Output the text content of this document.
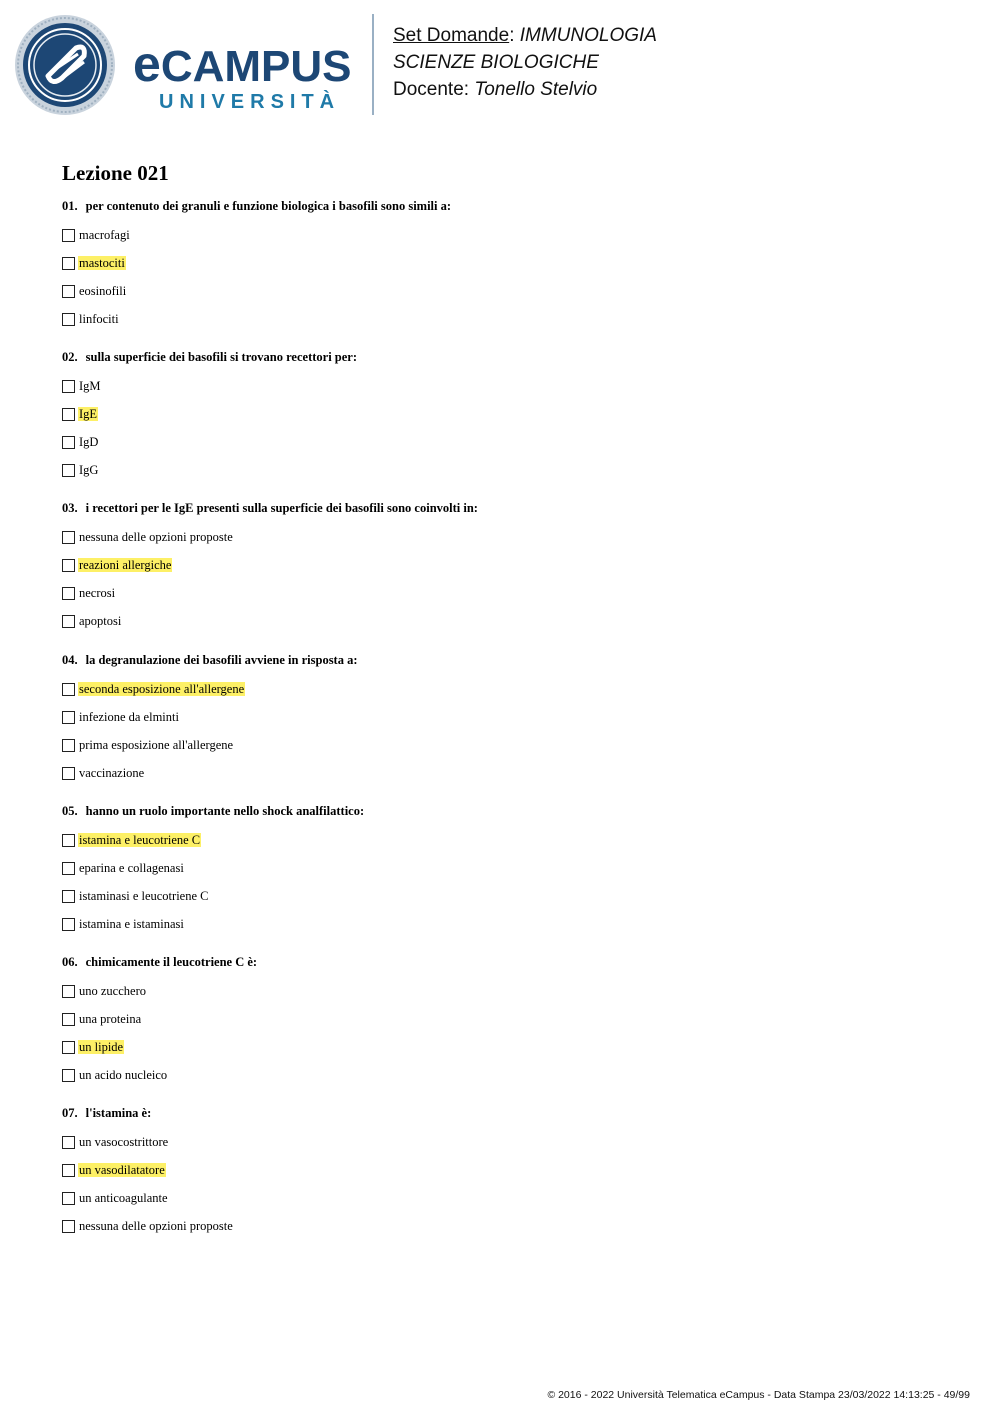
eCAMPUS
UNIVERSITÀ
Set Domande: IMMUNOLOGIA
SCIENZE BIOLOGICHE
Docente: Tonello Stelvio
Lezione 021
01. per contenuto dei granuli e funzione biologica i basofili sono simili a:
macrofagi
mastociti
eosinofili
linfociti
02. sulla superficie dei basofili si trovano recettori per:
IgM
IgE
IgD
IgG
03. i recettori per le IgE presenti sulla superficie dei basofili sono coinvolti in:
nessuna delle opzioni proposte
reazioni allergiche
necrosi
apoptosi
04. la degranulazione dei basofili avviene in risposta a:
seconda esposizione all'allergene
infezione da elminti
prima esposizione all'allergene
vaccinazione
05. hanno un ruolo importante nello shock analfilattico:
istamina e leucotriene C
eparina e collagenasi
istaminasi e leucotriene C
istamina e istaminasi
06. chimicamente il leucotriene C è:
uno zucchero
una proteina
un lipide
un acido nucleico
07. l'istamina è:
un vasocostrittore
un vasodilatatore
un anticoagulante
nessuna delle opzioni proposte
© 2016 - 2022 Università Telematica eCampus - Data Stampa 23/03/2022 14:13:25 - 49/99
